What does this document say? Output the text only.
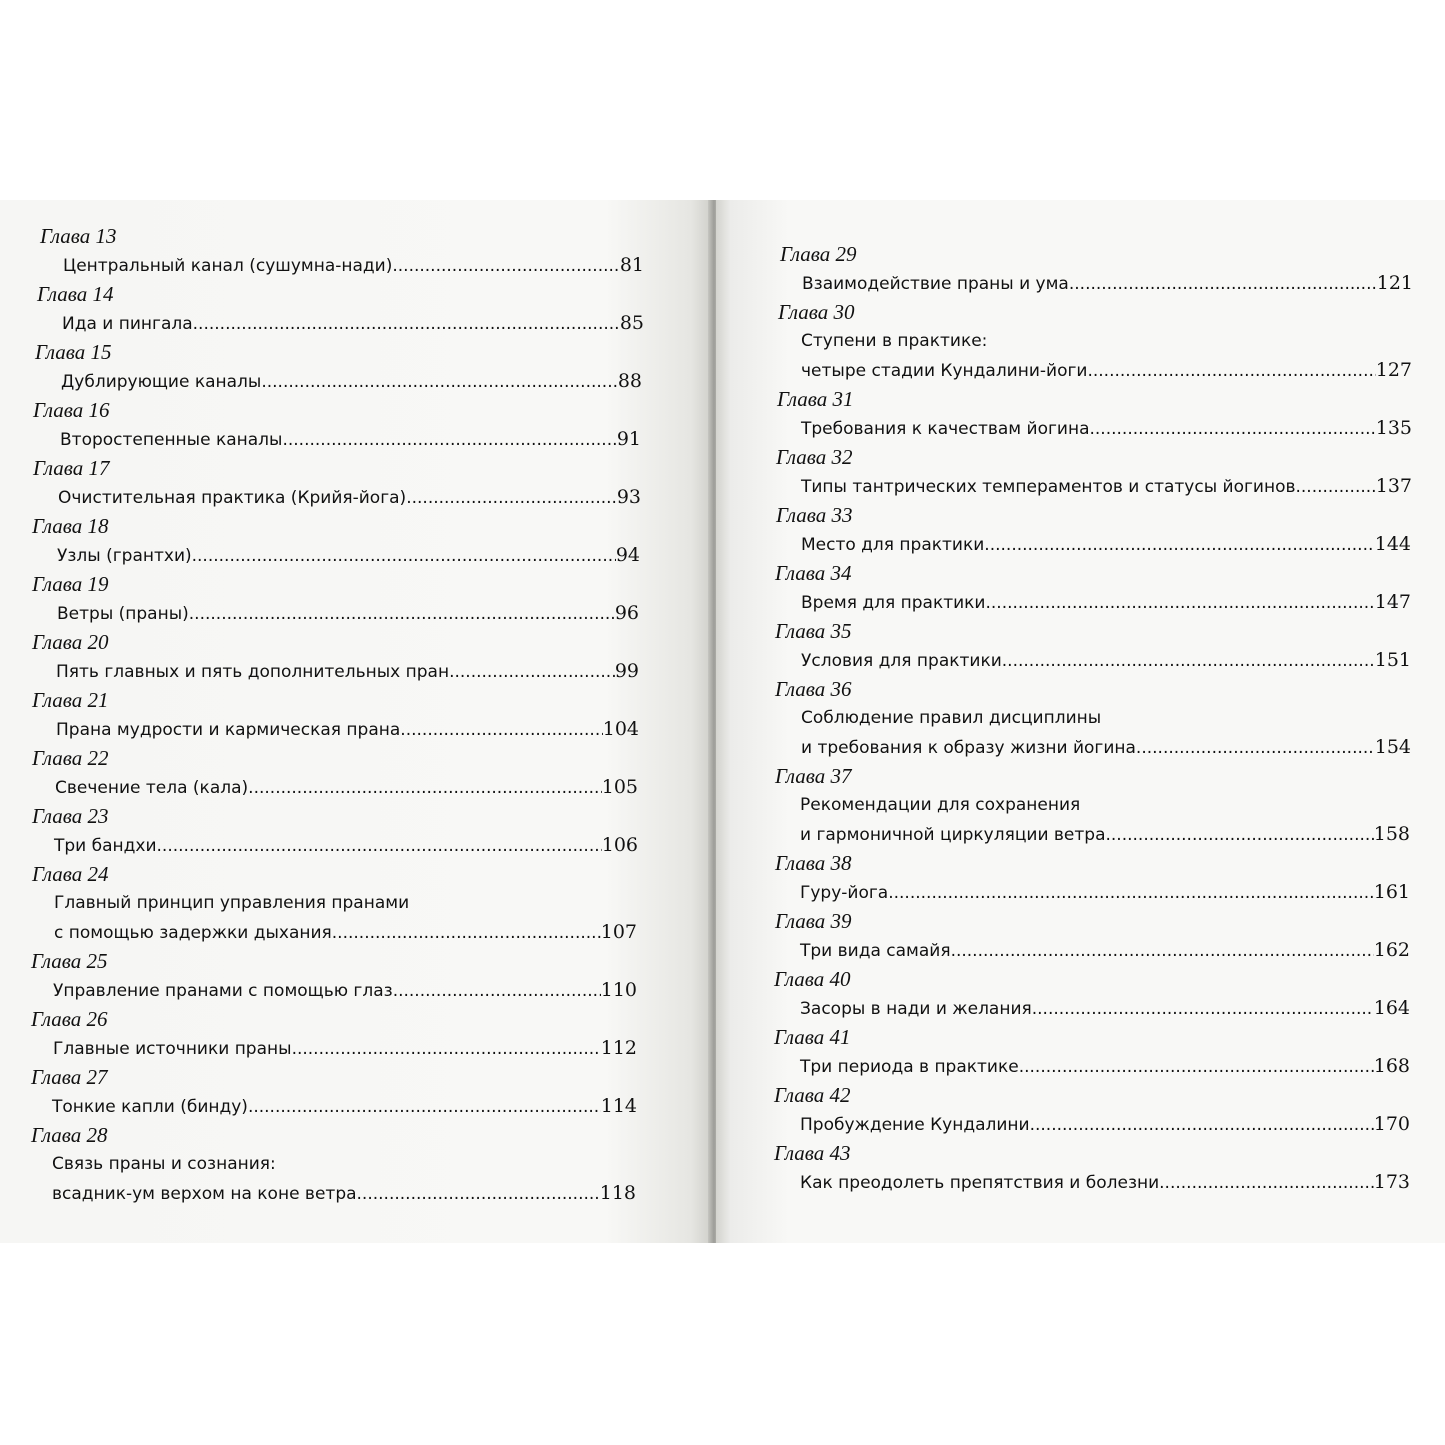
Глава 13
Центральный канал (сушумна-нади) .....	81
Глава 14
Ида и пингала .....	85
Глава 15
Дублирующие каналы .....	88
Глава 16
Второстепенные каналы .....	91
Глава 17
Очистительная практика (Крийя-йога) .....	93
Глава 18
Узлы (грантхи) .....	94
Глава 19
Ветры (праны) .....	96
Глава 20
Пять главных и пять дополнительных пран .....	99
Глава 21
Прана мудрости и кармическая прана .....	104
Глава 22
Свечение тела (кала) .....	105
Глава 23
Три бандхи .....	106
Глава 24
Главный принцип управления пранами
с помощью задержки дыхания .....	107
Глава 25
Управление пранами с помощью глаз .....	110
Глава 26
Главные источники праны .....	112
Глава 27
Тонкие капли (бинду) .....	114
Глава 28
Связь праны и сознания:
всадник-ум верхом на коне ветра .....	118
Глава 29
Взаимодействие праны и ума .....	121
Глава 30
Ступени в практике:
четыре стадии Кундалини-йоги .....	127
Глава 31
Требования к качествам йогина .....	135
Глава 32
Типы тантрических темпераментов и статусы йогинов .....	137
Глава 33
Место для практики .....	144
Глава 34
Время для практики .....	147
Глава 35
Условия для практики .....	151
Глава 36
Соблюдение правил дисциплины
и требования к образу жизни йогина .....	154
Глава 37
Рекомендации для сохранения
и гармоничной циркуляции ветра .....	158
Глава 38
Гуру-йога .....	161
Глава 39
Три вида самайя .....	162
Глава 40
Засоры в нади и желания .....	164
Глава 41
Три периода в практике .....	168
Глава 42
Пробуждение Кундалини .....	170
Глава 43
Как преодолеть препятствия и болезни .....	173
